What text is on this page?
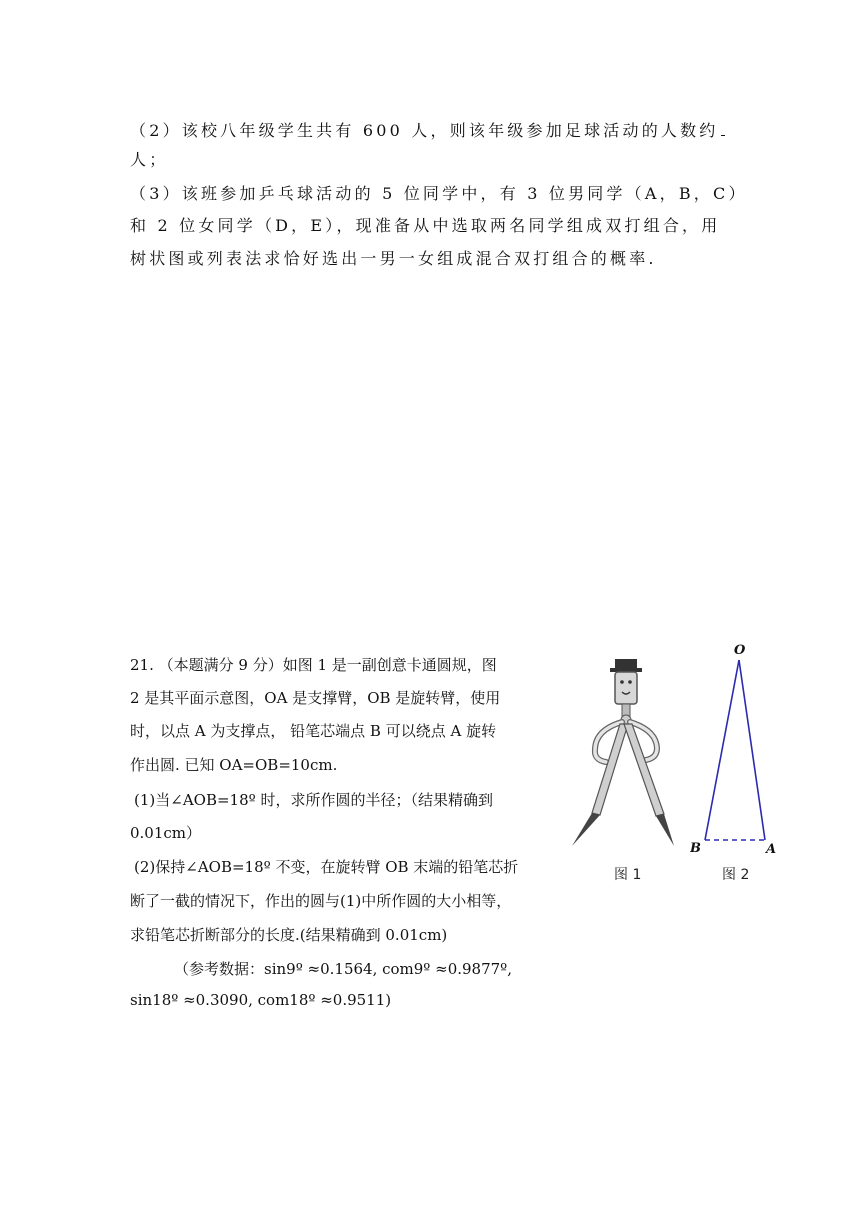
（2）该校八年级学生共有 600 人，则该年级参加足球活动的人数约
人；
（3）该班参加乒乓球活动的 5 位同学中，有 3 位男同学（A，B，C）
和 2 位女同学（D，E），现准备从中选取两名同学组成双打组合，用
树状图或列表法求恰好选出一男一女组成混合双打组合的概率.
21. （本题满分 9 分）如图 1 是一副创意卡通圆规，图
2 是其平面示意图，OA 是支撑臂，OB 是旋转臂，使用
时，以点 A 为支撑点， 铅笔芯端点 B 可以绕点 A 旋转
作出圆. 已知 OA=OB=10cm.
(1)当∠AOB=18º 时，求所作圆的半径；（结果精确到
0.01cm）
(2)保持∠AOB=18º 不变，在旋转臂 OB 末端的铅笔芯折
断了一截的情况下，作出的圆与(1)中所作圆的大小相等，
求铅笔芯折断部分的长度.(结果精确到 0.01cm)
（参考数据：sin9º ≈0.1564, com9º ≈0.9877º,
sin18º ≈0.3090, com18º ≈0.9511)
O
B	A
图 1	图 2
